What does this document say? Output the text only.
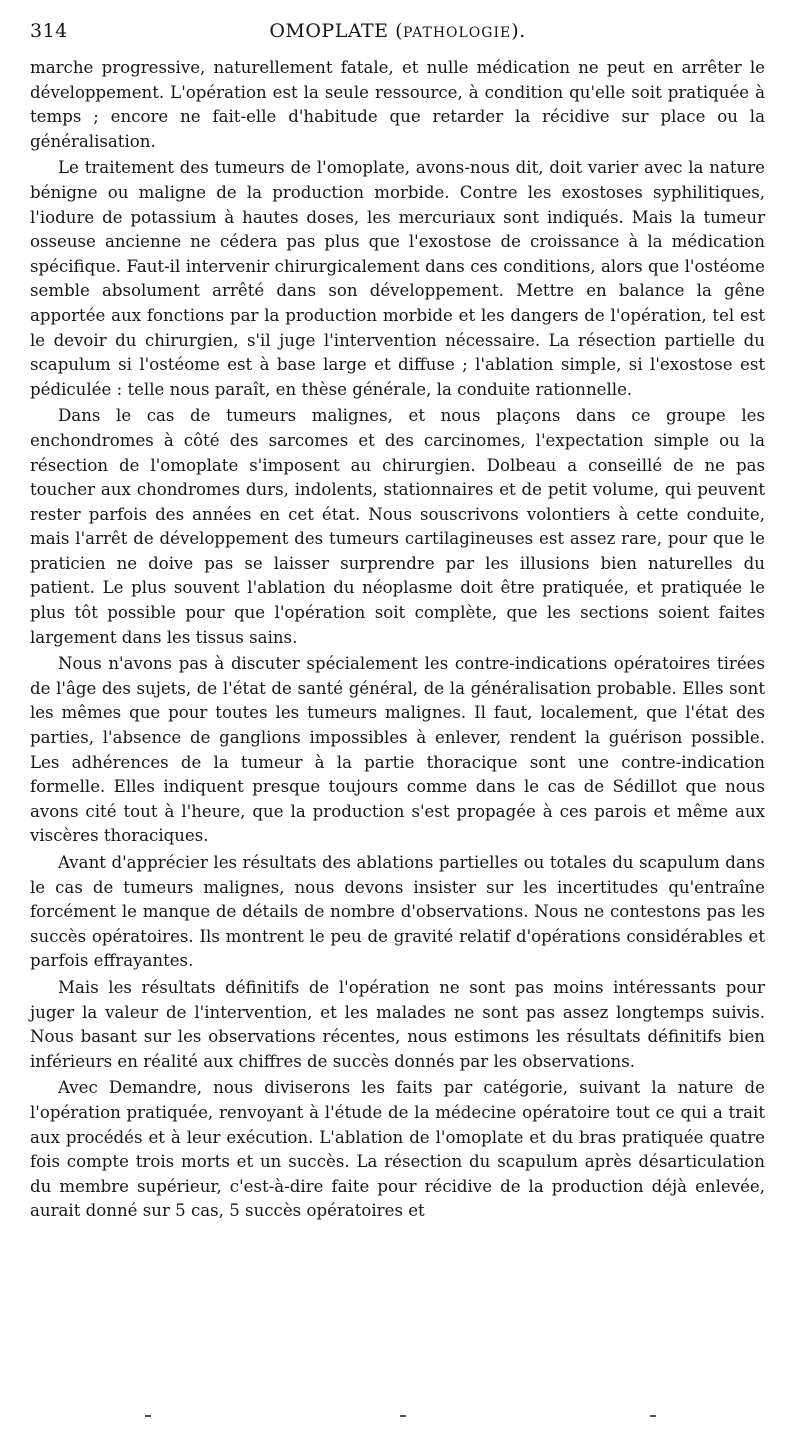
314	OMOPLATE (PATHOLOGIE).

marche progressive, naturellement fatale, et nulle médication ne peut en arrêter le développement. L'opération est la seule ressource, à condition qu'elle soit pratiquée à temps ; encore ne fait-elle d'habitude que retarder la récidive sur place ou la généralisation.

Le traitement des tumeurs de l'omoplate, avons-nous dit, doit varier avec la nature bénigne ou maligne de la production morbide. Contre les exostoses syphilitiques, l'iodure de potassium à hautes doses, les mercuriaux sont indiqués. Mais la tumeur osseuse ancienne ne cédera pas plus que l'exostose de croissance à la médication spécifique. Faut-il intervenir chirurgicalement dans ces conditions, alors que l'ostéome semble absolument arrêté dans son développement. Mettre en balance la gêne apportée aux fonctions par la production morbide et les dangers de l'opération, tel est le devoir du chirurgien, s'il juge l'intervention nécessaire. La résection partielle du scapulum si l'ostéome est à base large et diffuse ; l'ablation simple, si l'exostose est pédiculée : telle nous paraît, en thèse générale, la conduite rationnelle.

Dans le cas de tumeurs malignes, et nous plaçons dans ce groupe les enchondromes à côté des sarcomes et des carcinomes, l'expectation simple ou la résection de l'omoplate s'imposent au chirurgien. Dolbeau a conseillé de ne pas toucher aux chondromes durs, indolents, stationnaires et de petit volume, qui peuvent rester parfois des années en cet état. Nous souscrivons volontiers à cette conduite, mais l'arrêt de développement des tumeurs cartilagineuses est assez rare, pour que le praticien ne doive pas se laisser surprendre par les illusions bien naturelles du patient. Le plus souvent l'ablation du néoplasme doit être pratiquée, et pratiquée le plus tôt possible pour que l'opération soit complète, que les sections soient faites largement dans les tissus sains.

Nous n'avons pas à discuter spécialement les contre-indications opératoires tirées de l'âge des sujets, de l'état de santé général, de la généralisation probable. Elles sont les mêmes que pour toutes les tumeurs malignes. Il faut, localement, que l'état des parties, l'absence de ganglions impossibles à enlever, rendent la guérison possible. Les adhérences de la tumeur à la partie thoracique sont une contre-indication formelle. Elles indiquent presque toujours comme dans le cas de Sédillot que nous avons cité tout à l'heure, que la production s'est propagée à ces parois et même aux viscères thoraciques.

Avant d'apprécier les résultats des ablations partielles ou totales du scapulum dans le cas de tumeurs malignes, nous devons insister sur les incertitudes qu'entraîne forcément le manque de détails de nombre d'observations. Nous ne contestons pas les succès opératoires. Ils montrent le peu de gravité relatif d'opérations considérables et parfois effrayantes.

Mais les résultats définitifs de l'opération ne sont pas moins intéressants pour juger la valeur de l'intervention, et les malades ne sont pas assez longtemps suivis. Nous basant sur les observations récentes, nous estimons les résultats définitifs bien inférieurs en réalité aux chiffres de succès donnés par les observations.

Avec Demandre, nous diviserons les faits par catégorie, suivant la nature de l'opération pratiquée, renvoyant à l'étude de la médecine opératoire tout ce qui a trait aux procédés et à leur exécution. L'ablation de l'omoplate et du bras pratiquée quatre fois compte trois morts et un succès. La résection du scapulum après désarticulation du membre supérieur, c'est-à-dire faite pour récidive de la production déjà enlevée, aurait donné sur 5 cas, 5 succès opératoires et
